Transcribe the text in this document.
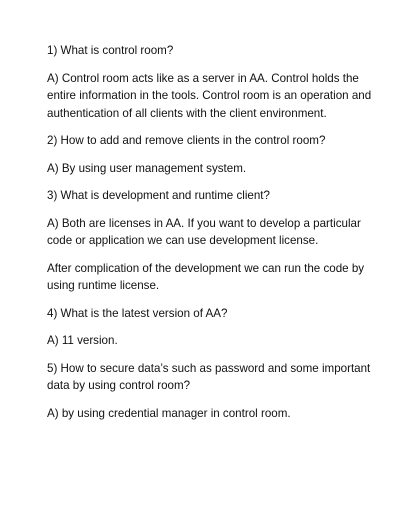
1) What is control room?

A) Control room acts like as a server in AA. Control holds the entire information in the tools. Control room is an operation and authentication of all clients with the client environment.

2) How to add and remove clients in the control room?

A) By using user management system.

3) What is development and runtime client?

A) Both are licenses in AA. If you want to develop a particular code or application we can use development license.

After complication of the development we can run the code by using runtime license.

4) What is the latest version of AA?

A) 11 version.

5) How to secure data’s such as password and some important data by using control room?

A) by using credential manager in control room.
